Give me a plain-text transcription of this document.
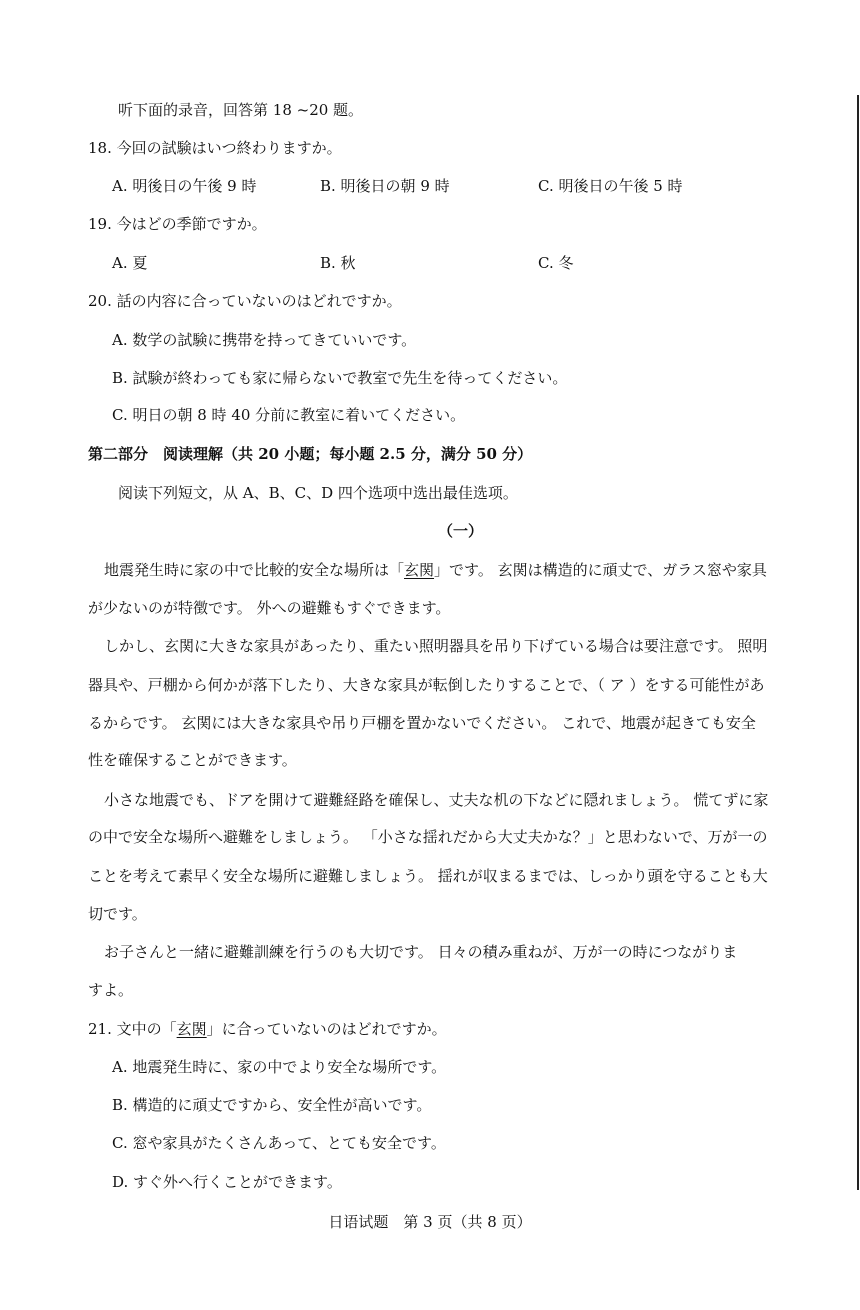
听下面的录音，回答第 18 ~20 题。
18. 今回の試験はいつ終わりますか。
A. 明後日の午後 9 時	B. 明後日の朝 9 時	C. 明後日の午後 5 時
19. 今はどの季節ですか。
A. 夏	B. 秋	C. 冬
20. 話の内容に合っていないのはどれですか。
A. 数学の試験に携帯を持ってきていいです。
B. 試験が終わっても家に帰らないで教室で先生を待ってください。
C. 明日の朝 8 時 40 分前に教室に着いてください。
第二部分　阅读理解（共 20 小题；每小题 2.5 分，满分 50 分）
阅读下列短文，从 A、B、C、D 四个选项中选出最佳选项。
（一）
地震発生時に家の中で比較的安全な場所は「玄関」です。 玄関は構造的に頑丈で、ガラス窓や家具
が少ないのが特徴です。 外への避難もすぐできます。
しかし、玄関に大きな家具があったり、重たい照明器具を吊り下げている場合は要注意です。 照明
器具や、戸棚から何かが落下したり、大きな家具が転倒したりすることで、（ ア ）をする可能性があ
るからです。 玄関には大きな家具や吊り戸棚を置かないでください。 これで、地震が起きても安全
性を確保することができます。
小さな地震でも、ドアを開けて避難経路を確保し、丈夫な机の下などに隠れましょう。 慌てずに家
の中で安全な場所へ避難をしましょう。 「小さな揺れだから大丈夫かな？」と思わないで、万が一の
ことを考えて素早く安全な場所に避難しましょう。 揺れが収まるまでは、しっかり頭を守ることも大
切です。
お子さんと一緒に避難訓練を行うのも大切です。 日々の積み重ねが、万が一の時につながりま
すよ。
21. 文中の「玄関」に合っていないのはどれですか。
A. 地震発生時に、家の中でより安全な場所です。
B. 構造的に頑丈ですから、安全性が高いです。
C. 窓や家具がたくさんあって、とても安全です。
D. すぐ外へ行くことができます。
日语试题　第 3 页（共 8 页）
